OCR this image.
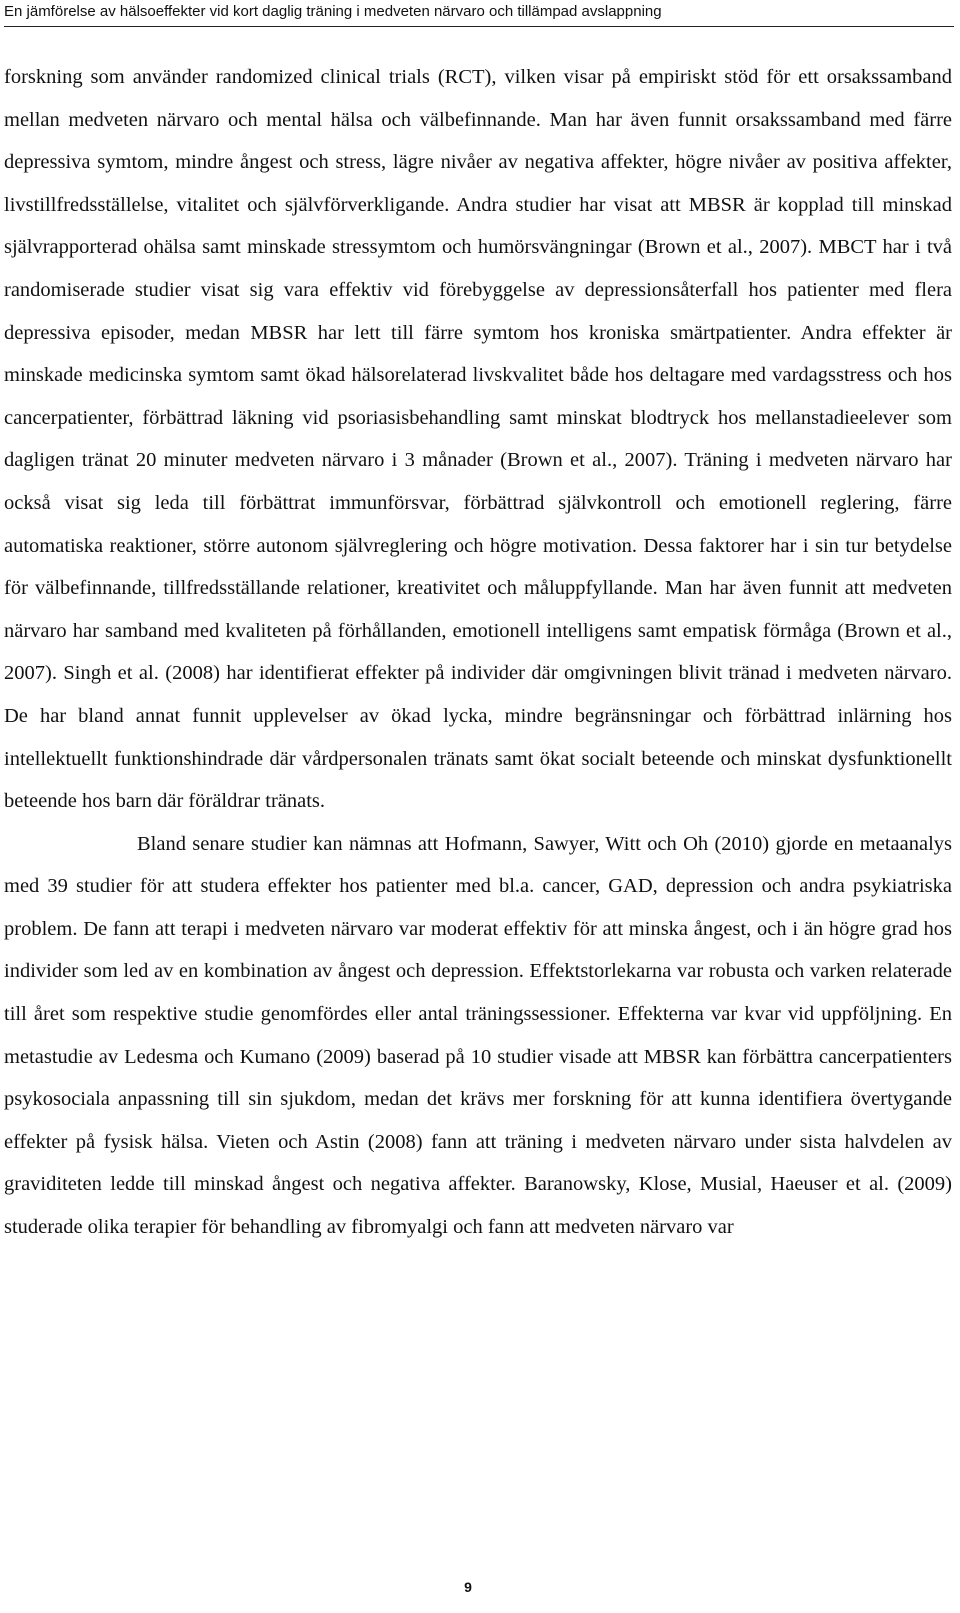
En jämförelse av hälsoeffekter vid kort daglig träning i medveten närvaro och tillämpad avslappning

forskning som använder randomized clinical trials (RCT), vilken visar på empiriskt stöd för ett orsakssamband mellan medveten närvaro och mental hälsa och välbefinnande. Man har även funnit orsakssamband med färre depressiva symtom, mindre ångest och stress, lägre nivåer av negativa affekter, högre nivåer av positiva affekter, livstillfredsställelse, vitalitet och självförverkligande. Andra studier har visat att MBSR är kopplad till minskad självrapporterad ohälsa samt minskade stressymtom och humörsvängningar (Brown et al., 2007). MBCT har i två randomiserade studier visat sig vara effektiv vid förebyggelse av depressionsåterfall hos patienter med flera depressiva episoder, medan MBSR har lett till färre symtom hos kroniska smärtpatienter. Andra effekter är minskade medicinska symtom samt ökad hälsorelaterad livskvalitet både hos deltagare med vardagsstress och hos cancerpatienter, förbättrad läkning vid psoriasisbehandling samt minskat blodtryck hos mellanstadieelever som dagligen tränat 20 minuter medveten närvaro i 3 månader (Brown et al., 2007). Träning i medveten närvaro har också visat sig leda till förbättrat immunförsvar, förbättrad självkontroll och emotionell reglering, färre automatiska reaktioner, större autonom självreglering och högre motivation. Dessa faktorer har i sin tur betydelse för välbefinnande, tillfredsställande relationer, kreativitet och måluppfyllande. Man har även funnit att medveten närvaro har samband med kvaliteten på förhållanden, emotionell intelligens samt empatisk förmåga (Brown et al., 2007). Singh et al. (2008) har identifierat effekter på individer där omgivningen blivit tränad i medveten närvaro. De har bland annat funnit upplevelser av ökad lycka, mindre begränsningar och förbättrad inlärning hos intellektuellt funktionshindrade där vårdpersonalen tränats samt ökat socialt beteende och minskat dysfunktionellt beteende hos barn där föräldrar tränats.

Bland senare studier kan nämnas att Hofmann, Sawyer, Witt och Oh (2010) gjorde en metaanalys med 39 studier för att studera effekter hos patienter med bl.a. cancer, GAD, depression och andra psykiatriska problem. De fann att terapi i medveten närvaro var moderat effektiv för att minska ångest, och i än högre grad hos individer som led av en kombination av ångest och depression. Effektstorlekarna var robusta och varken relaterade till året som respektive studie genomfördes eller antal träningssessioner. Effekterna var kvar vid uppföljning. En metastudie av Ledesma och Kumano (2009) baserad på 10 studier visade att MBSR kan förbättra cancerpatienters psykosociala anpassning till sin sjukdom, medan det krävs mer forskning för att kunna identifiera övertygande effekter på fysisk hälsa. Vieten och Astin (2008) fann att träning i medveten närvaro under sista halvdelen av graviditeten ledde till minskad ångest och negativa affekter. Baranowsky, Klose, Musial, Haeuser et al. (2009) studerade olika terapier för behandling av fibromyalgi och fann att medveten närvaro var

9
